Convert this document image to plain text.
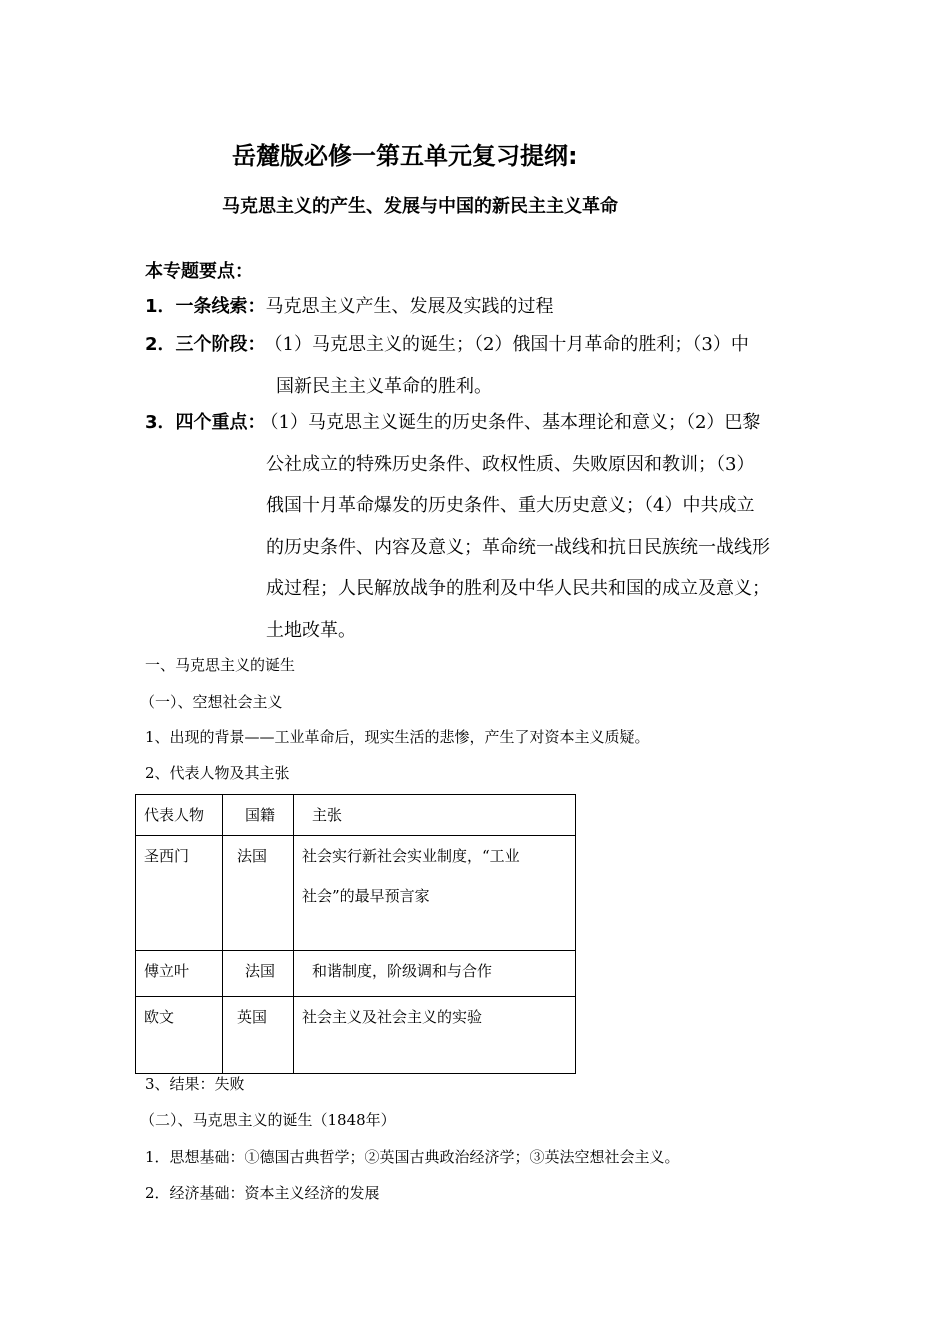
岳麓版必修一第五单元复习提纲:
马克思主义的产生、发展与中国的新民主主义革命
本专题要点：
1．一条线索：马克思主义产生、发展及实践的过程
2．三个阶段： （1）马克思主义的诞生；（2）俄国十月革命的胜利；（3）中
国新民主主义革命的胜利。
3．四个重点： （1）马克思主义诞生的历史条件、基本理论和意义；（2）巴黎
公社成立的特殊历史条件、政权性质、失败原因和教训；（3）
俄国十月革命爆发的历史条件、重大历史意义；（4）中共成立
的历史条件、内容及意义；革命统一战线和抗日民族统一战线形
成过程；人民解放战争的胜利及中华人民共和国的成立及意义；
土地改革。
一、马克思主义的诞生
（一）、空想社会主义
1、出现的背景——工业革命后，现实生活的悲惨，产生了对资本主义质疑。
2、代表人物及其主张
代表人物	国籍	主张
圣西门	法国	社会实行新社会实业制度，“工业
社会”的最早预言家

傅立叶	法国	和谐制度，阶级调和与合作
欧文	英国	社会主义及社会主义的实验
3、结果：失败
（二）、马克思主义的诞生（1848年）
1．思想基础：①德国古典哲学；②英国古典政治经济学；③英法空想社会主义。
2．经济基础：资本主义经济的发展
